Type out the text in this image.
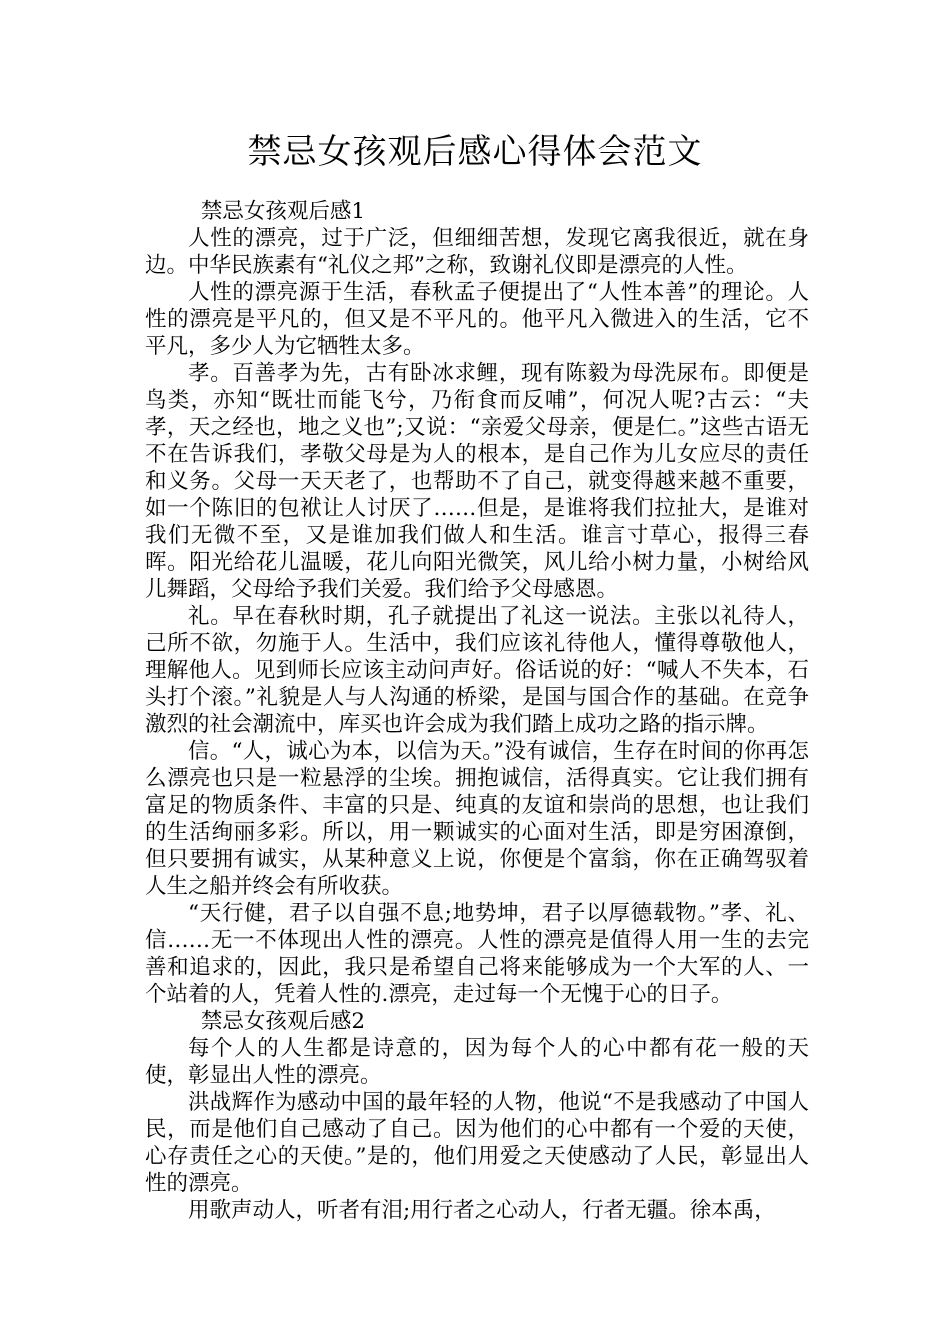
禁忌女孩观后感心得体会范文

禁忌女孩观后感1

人性的漂亮，过于广泛，但细细苦想，发现它离我很近，就在身边。中华民族素有“礼仪之邦”之称，致谢礼仪即是漂亮的人性。

人性的漂亮源于生活，春秋孟子便提出了“人性本善”的理论。人性的漂亮是平凡的，但又是不平凡的。他平凡入微进入的生活，它不平凡，多少人为它牺牲太多。

孝。百善孝为先，古有卧冰求鲤，现有陈毅为母洗尿布。即便是鸟类，亦知“既壮而能飞兮，乃衔食而反哺”，何况人呢?古云：“夫孝，天之经也，地之义也”;又说：“亲爱父母亲，便是仁。”这些古语无不在告诉我们，孝敬父母是为人的根本，是自己作为儿女应尽的责任和义务。父母一天天老了，也帮助不了自己，就变得越来越不重要，如一个陈旧的包袱让人讨厌了……但是，是谁将我们拉扯大，是谁对我们无微不至，又是谁加我们做人和生活。谁言寸草心，报得三春晖。阳光给花儿温暖，花儿向阳光微笑，风儿给小树力量，小树给风儿舞蹈，父母给予我们关爱。我们给予父母感恩。

礼。早在春秋时期，孔子就提出了礼这一说法。主张以礼待人，己所不欲，勿施于人。生活中，我们应该礼待他人，懂得尊敬他人，理解他人。见到师长应该主动问声好。俗话说的好：“喊人不失本，石头打个滚。”礼貌是人与人沟通的桥梁，是国与国合作的基础。在竞争激烈的社会潮流中，库买也许会成为我们踏上成功之路的指示牌。

信。“人，诚心为本，以信为天。”没有诚信，生存在时间的你再怎么漂亮也只是一粒悬浮的尘埃。拥抱诚信，活得真实。它让我们拥有富足的物质条件、丰富的只是、纯真的友谊和崇尚的思想，也让我们的生活绚丽多彩。所以，用一颗诚实的心面对生活，即是穷困潦倒，但只要拥有诚实，从某种意义上说，你便是个富翁，你在正确驾驭着人生之船并终会有所收获。

“天行健，君子以自强不息;地势坤，君子以厚德载物。”孝、礼、信……无一不体现出人性的漂亮。人性的漂亮是值得人用一生的去完善和追求的，因此，我只是希望自己将来能够成为一个大军的人、一个站着的人，凭着人性的.漂亮，走过每一个无愧于心的日子。

禁忌女孩观后感2

每个人的人生都是诗意的，因为每个人的心中都有花一般的天使，彰显出人性的漂亮。

洪战辉作为感动中国的最年轻的人物，他说“不是我感动了中国人民，而是他们自己感动了自己。因为他们的心中都有一个爱的天使，心存责任之心的天使。”是的，他们用爱之天使感动了人民，彰显出人性的漂亮。

用歌声动人，听者有泪;用行者之心动人，行者无疆。徐本禹，
